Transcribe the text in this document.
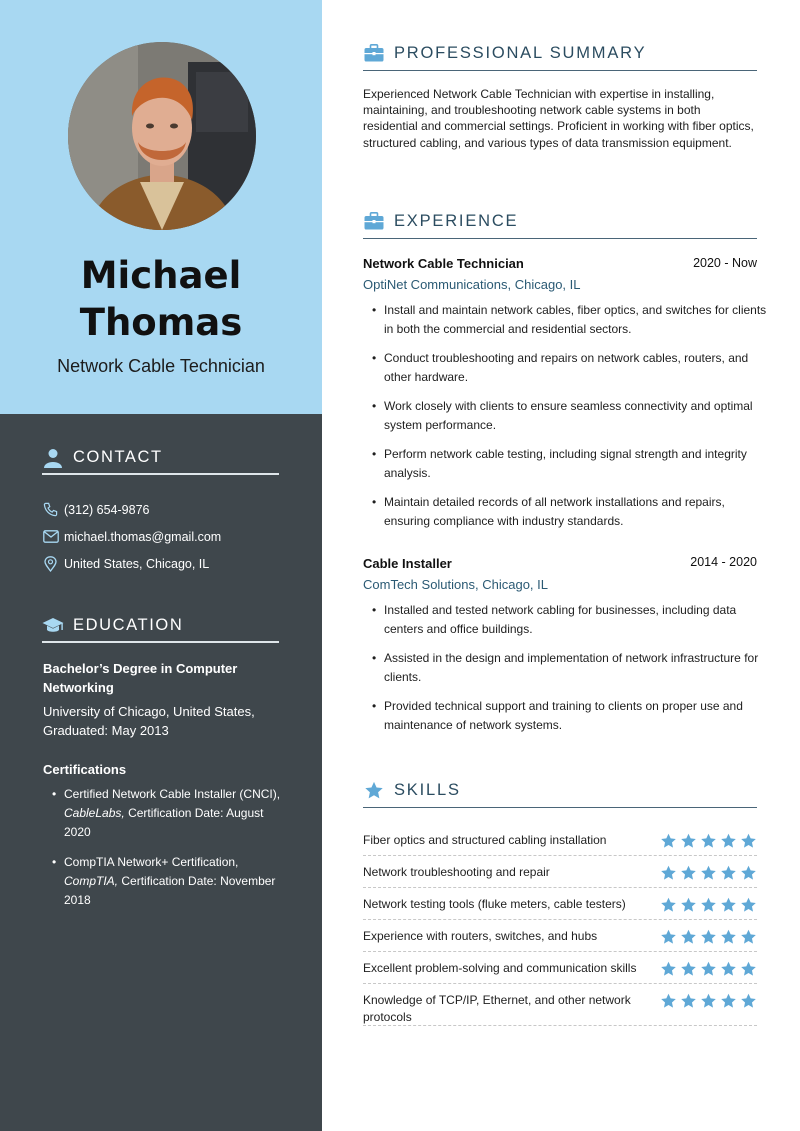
Michael
Thomas
Network Cable Technician
CONTACT
(312) 654-9876
michael.thomas@gmail.com
United States, Chicago, IL
EDUCATION
Bachelor’s Degree in Computer Networking
University of Chicago, United States, Graduated: May 2013
Certifications
• Certified Network Cable Installer (CNCI), CableLabs, Certification Date: August 2020
• CompTIA Network+ Certification, CompTIA, Certification Date: November 2018
PROFESSIONAL SUMMARY

Experienced Network Cable Technician with expertise in installing, maintaining, and troubleshooting network cable systems in both residential and commercial settings. Proficient in working with fiber optics, structured cabling, and various types of data transmission equipment.

EXPERIENCE
Network Cable Technician	2020 - Now
OptiNet Communications, Chicago, IL
• Install and maintain network cables, fiber optics, and switches for clients in both the commercial and residential sectors.
• Conduct troubleshooting and repairs on network cables, routers, and other hardware.
• Work closely with clients to ensure seamless connectivity and optimal system performance.
• Perform network cable testing, including signal strength and integrity analysis.
• Maintain detailed records of all network installations and repairs, ensuring compliance with industry standards.
Cable Installer	2014 - 2020
ComTech Solutions, Chicago, IL
• Installed and tested network cabling for businesses, including data centers and office buildings.
• Assisted in the design and implementation of network infrastructure for clients.
• Provided technical support and training to clients on proper use and maintenance of network systems.
SKILLS
Fiber optics and structured cabling installation
Network troubleshooting and repair
Network testing tools (fluke meters, cable testers)
Experience with routers, switches, and hubs
Excellent problem-solving and communication skills
Knowledge of TCP/IP, Ethernet, and other network protocols
